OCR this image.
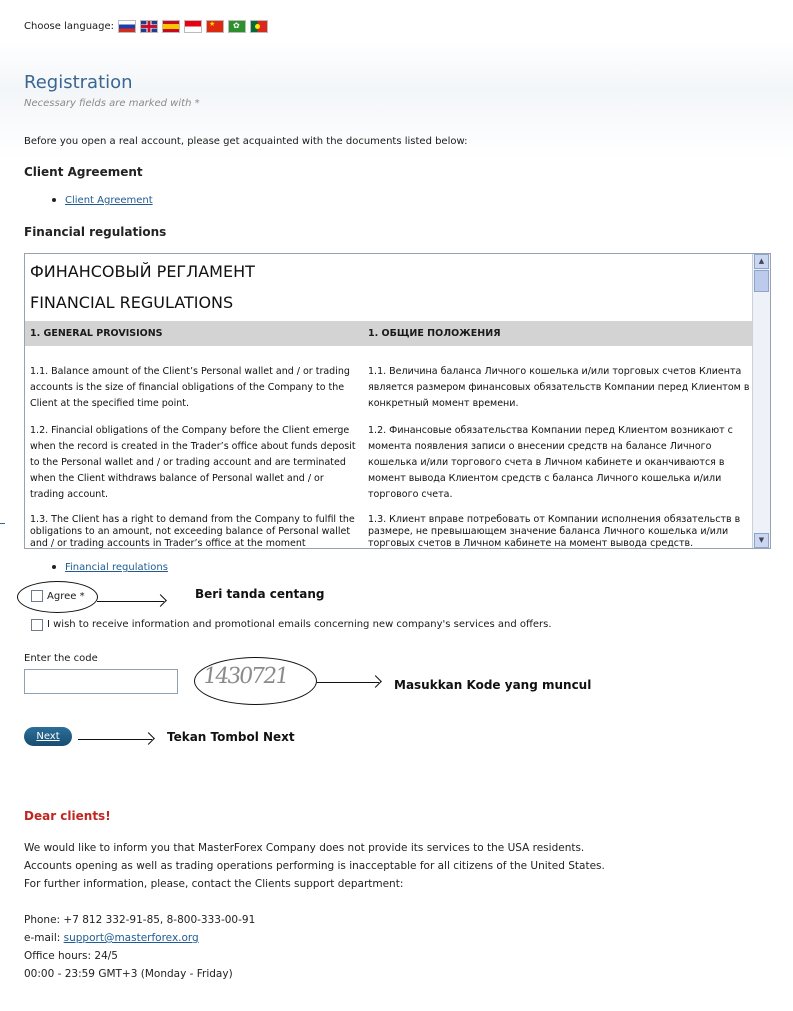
Choose language:
★
✿
Registration
Necessary fields are marked with *
Before you open a real account, please get acquainted with the documents listed below:
Client Agreement
Client Agreement
Financial regulations
ФИНАНСОВЫЙ РЕГЛАМЕНТ
FINANCIAL REGULATIONS
1. GENERAL PROVISIONS	1. ОБЩИЕ ПОЛОЖЕНИЯ
1.1. Balance amount of the Client’s Personal wallet and / or trading accounts is the size of financial obligations of the Company to the Client at the specified time point.
1.1. Величина баланса Личного кошелька и/или торговых счетов Клиента является размером финансовых обязательств Компании перед Клиентом в конкретный момент времени.
1.2. Financial obligations of the Company before the Client emerge when the record is created in the Trader’s office about funds deposit to the Personal wallet and / or trading account and are terminated when the Client withdraws balance of Personal wallet and / or trading account.
1.2. Финансовые обязательства Компании перед Клиентом возникают с момента появления записи о внесении средств на балансе Личного кошелька и/или торгового счета в Личном кабинете и оканчиваются в момент вывода Клиентом средств с баланса Личного кошелька и/или торгового счета.
1.3. The Client has a right to demand from the Company to fulfil the obligations to an amount, not exceeding balance of Personal wallet and / or trading accounts in Trader’s office at the moment
1.3. Клиент вправе потребовать от Компании исполнения обязательств в размере, не превышающем значение баланса Личного кошелька и/или торговых счетов в Личном кабинете на момент вывода средств.
▲
▼
Financial regulations
Agree *	Beri tanda centang
I wish to receive information and promotional emails concerning new company's services and offers.
Enter the code
1430721	Masukkan Kode yang muncul
Next	Tekan Tombol Next
Dear clients!
We would like to inform you that MasterForex Company does not provide its services to the USA residents.
Accounts opening as well as trading operations performing is inacceptable for all citizens of the United States.
For further information, please, contact the Clients support department:
Phone: +7 812 332-91-85, 8-800-333-00-91
e-mail: support@masterforex.org
Office hours: 24/5
00:00 - 23:59 GMT+3 (Monday - Friday)
